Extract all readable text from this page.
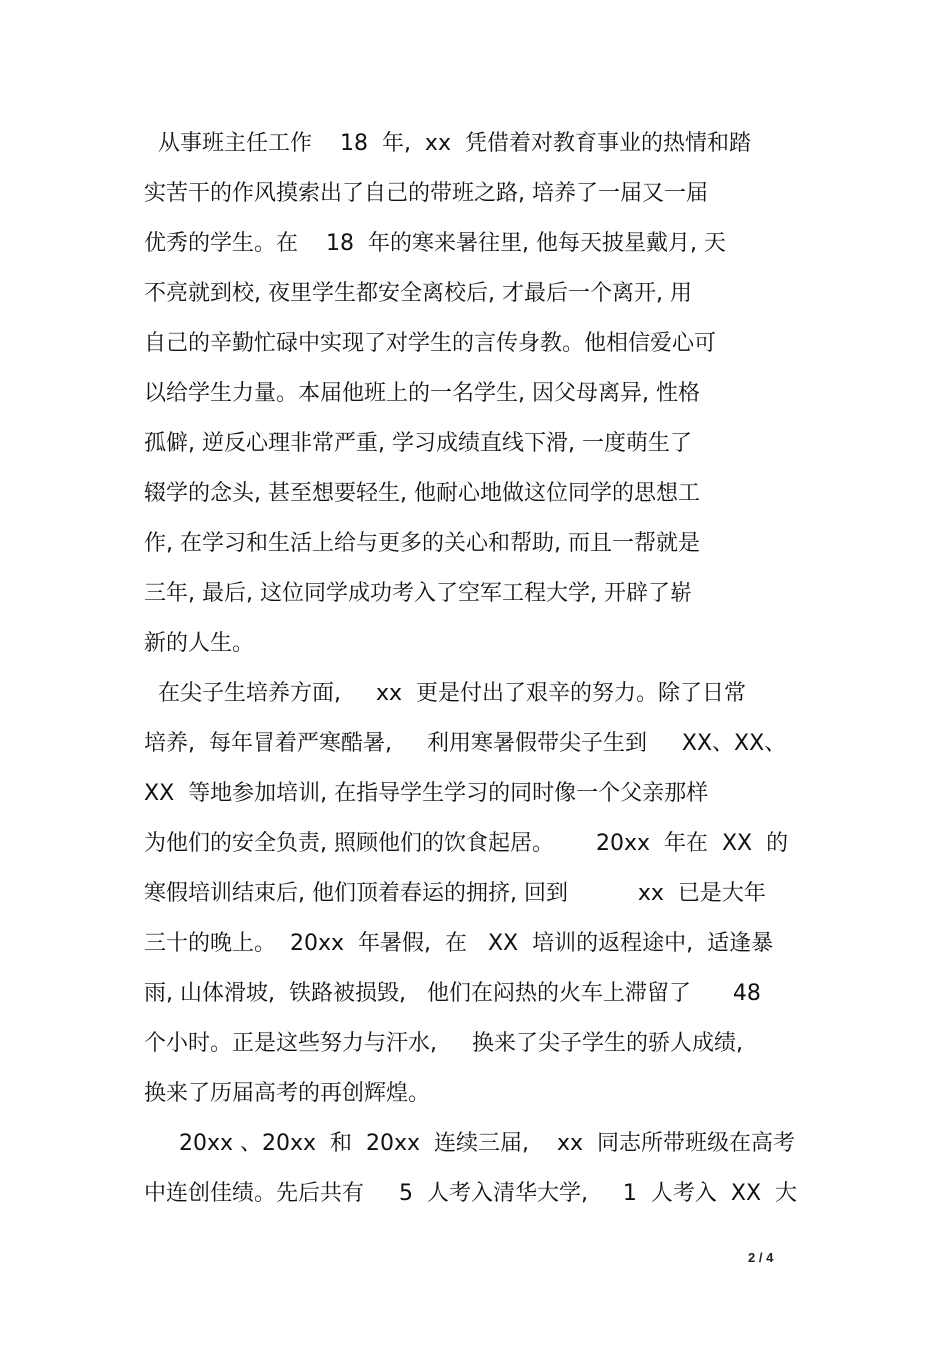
从事班主任工作    18  年,  xx  凭借着对教育事业的热情和踏
实苦干的作风摸索出了自己的带班之路, 培养了一届又一届
优秀的学生。在    18  年的寒来暑往里, 他每天披星戴月, 天
不亮就到校, 夜里学生都安全离校后, 才最后一个离开, 用
自己的辛勤忙碌中实现了对学生的言传身教。他相信爱心可
以给学生力量。本届他班上的一名学生, 因父母离异, 性格
孤僻, 逆反心理非常严重, 学习成绩直线下滑, 一度萌生了
辍学的念头, 甚至想要轻生, 他耐心地做这位同学的思想工
作, 在学习和生活上给与更多的关心和帮助, 而且一帮就是
三年, 最后, 这位同学成功考入了空军工程大学, 开辟了崭
新的人生。
在尖子生培养方面,     xx  更是付出了艰辛的努力。除了日常
培养,  每年冒着严寒酷暑,     利用寒暑假带尖子生到     XX、XX、
XX  等地参加培训, 在指导学生学习的同时像一个父亲那样
为他们的安全负责, 照顾他们的饮食起居。      20xx  年在  XX  的
寒假培训结束后, 他们顶着春运的拥挤, 回到          xx  已是大年
三十的晚上。  20xx  年暑假,  在   XX  培训的返程途中,  适逢暴
雨, 山体滑坡,  铁路被损毁,   他们在闷热的火车上滞留了      48
个小时。正是这些努力与汗水,     换来了尖子学生的骄人成绩,
换来了历届高考的再创辉煌。
20xx 、20xx  和  20xx  连续三届,    xx  同志所带班级在高考
中连创佳绩。先后共有     5  人考入清华大学,     1  人考入  XX  大
2 / 4
